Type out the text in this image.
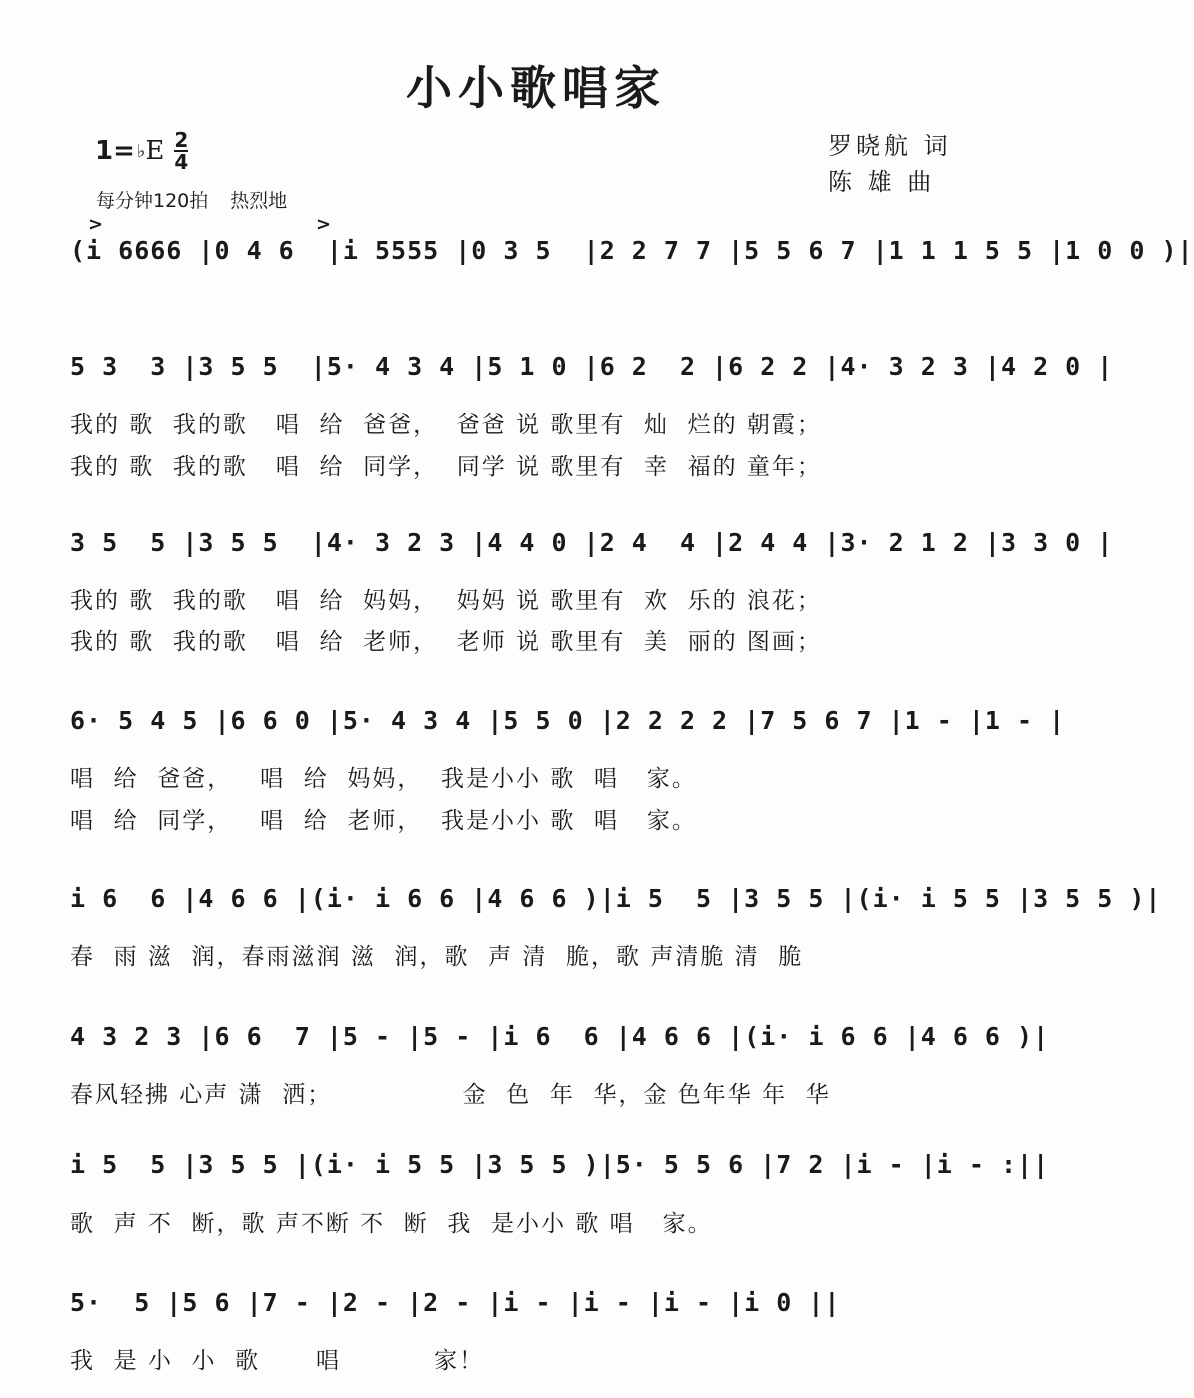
小小歌唱家
1= ♭ E $\frac{2}{4}$
每分钟120拍 热烈地
罗晓航 词
陈 雄 曲
>	>
(i 6666 |0 4 6  |i 5555 |0 3 5  |2 2 7 7 |5 5 6 7 |1 1 1 5 5 |1 0 0 )|
5 3  3 |3 5 5  |5· 4 3 4 |5 1 0 |6 2  2 |6 2 2 |4· 3 2 3 |4 2 0 |
我的 歌  我的歌   唱  给  爸爸，  爸爸 说 歌里有  灿  烂的 朝霞；
我的 歌  我的歌   唱  给  同学，  同学 说 歌里有  幸  福的 童年；
3 5  5 |3 5 5  |4· 3 2 3 |4 4 0 |2 4  4 |2 4 4 |3· 2 1 2 |3 3 0 |
我的 歌  我的歌   唱  给  妈妈，  妈妈 说 歌里有  欢  乐的 浪花；
我的 歌  我的歌   唱  给  老师，  老师 说 歌里有  美  丽的 图画；
6· 5 4 5 |6 6 0 |5· 4 3 4 |5 5 0 |2 2 2 2 |7 5 6 7 |1 - |1 - |
唱  给  爸爸，   唱  给  妈妈，  我是小小 歌  唱   家。
唱  给  同学，   唱  给  老师，  我是小小 歌  唱   家。
i 6  6 |4 6 6 |(i· i 6 6 |4 6 6 )|i 5  5 |3 5 5 |(i· i 5 5 |3 5 5 )|
春  雨 滋  润，春雨滋润 滋  润，歌  声 清  脆，歌 声清脆 清  脆
4 3 2 3 |6 6  7 |5 - |5 - |i 6  6 |4 6 6 |(i· i 6 6 |4 6 6 )|
春风轻拂 心声 潇  洒；              金  色  年  华，金 色年华 年  华
i 5  5 |3 5 5 |(i· i 5 5 |3 5 5 )|5· 5 5 6 |7 2 |i - |i - :||
歌  声 不  断，歌 声不断 不  断  我  是小小 歌 唱   家。
5·  5 |5 6 |7 - |2 - |2 - |i - |i - |i - |i 0 ||
我  是 小  小  歌      唱          家！
